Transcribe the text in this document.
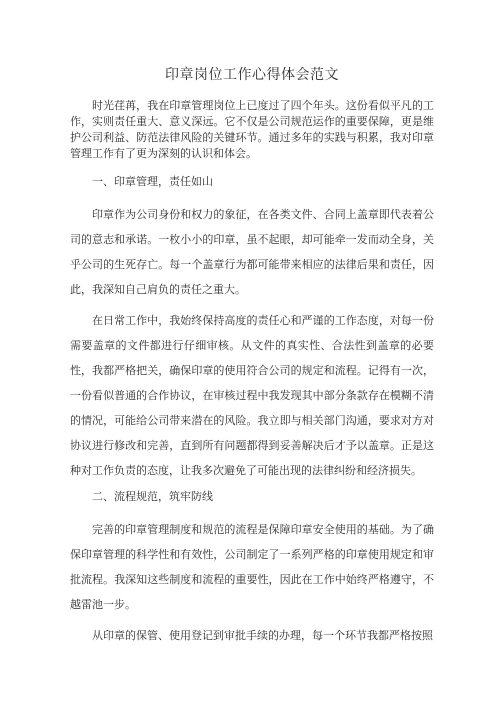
印章岗位工作心得体会范文

时光荏苒，我在印章管理岗位上已度过了四个年头。这份看似平凡的工作，实则责任重大、意义深远。它不仅是公司规范运作的重要保障，更是维护公司利益、防范法律风险的关键环节。通过多年的实践与积累，我对印章管理工作有了更为深刻的认识和体会。

一、印章管理，责任如山

印章作为公司身份和权力的象征，在各类文件、合同上盖章即代表着公司的意志和承诺。一枚小小的印章，虽不起眼，却可能牵一发而动全身，关乎公司的生死存亡。每一个盖章行为都可能带来相应的法律后果和责任，因此，我深知自己肩负的责任之重大。

在日常工作中，我始终保持高度的责任心和严谨的工作态度，对每一份需要盖章的文件都进行仔细审核。从文件的真实性、合法性到盖章的必要性，我都严格把关，确保印章的使用符合公司的规定和流程。记得有一次，一份看似普通的合作协议，在审核过程中我发现其中部分条款存在模糊不清的情况，可能给公司带来潜在的风险。我立即与相关部门沟通，要求对方对协议进行修改和完善，直到所有问题都得到妥善解决后才予以盖章。正是这种对工作负责的态度，让我多次避免了可能出现的法律纠纷和经济损失。

二、流程规范，筑牢防线

完善的印章管理制度和规范的流程是保障印章安全使用的基础。为了确保印章管理的科学性和有效性，公司制定了一系列严格的印章使用规定和审批流程。我深知这些制度和流程的重要性，因此在工作中始终严格遵守，不越雷池一步。

从印章的保管、使用登记到审批手续的办理，每一个环节我都严格按照
